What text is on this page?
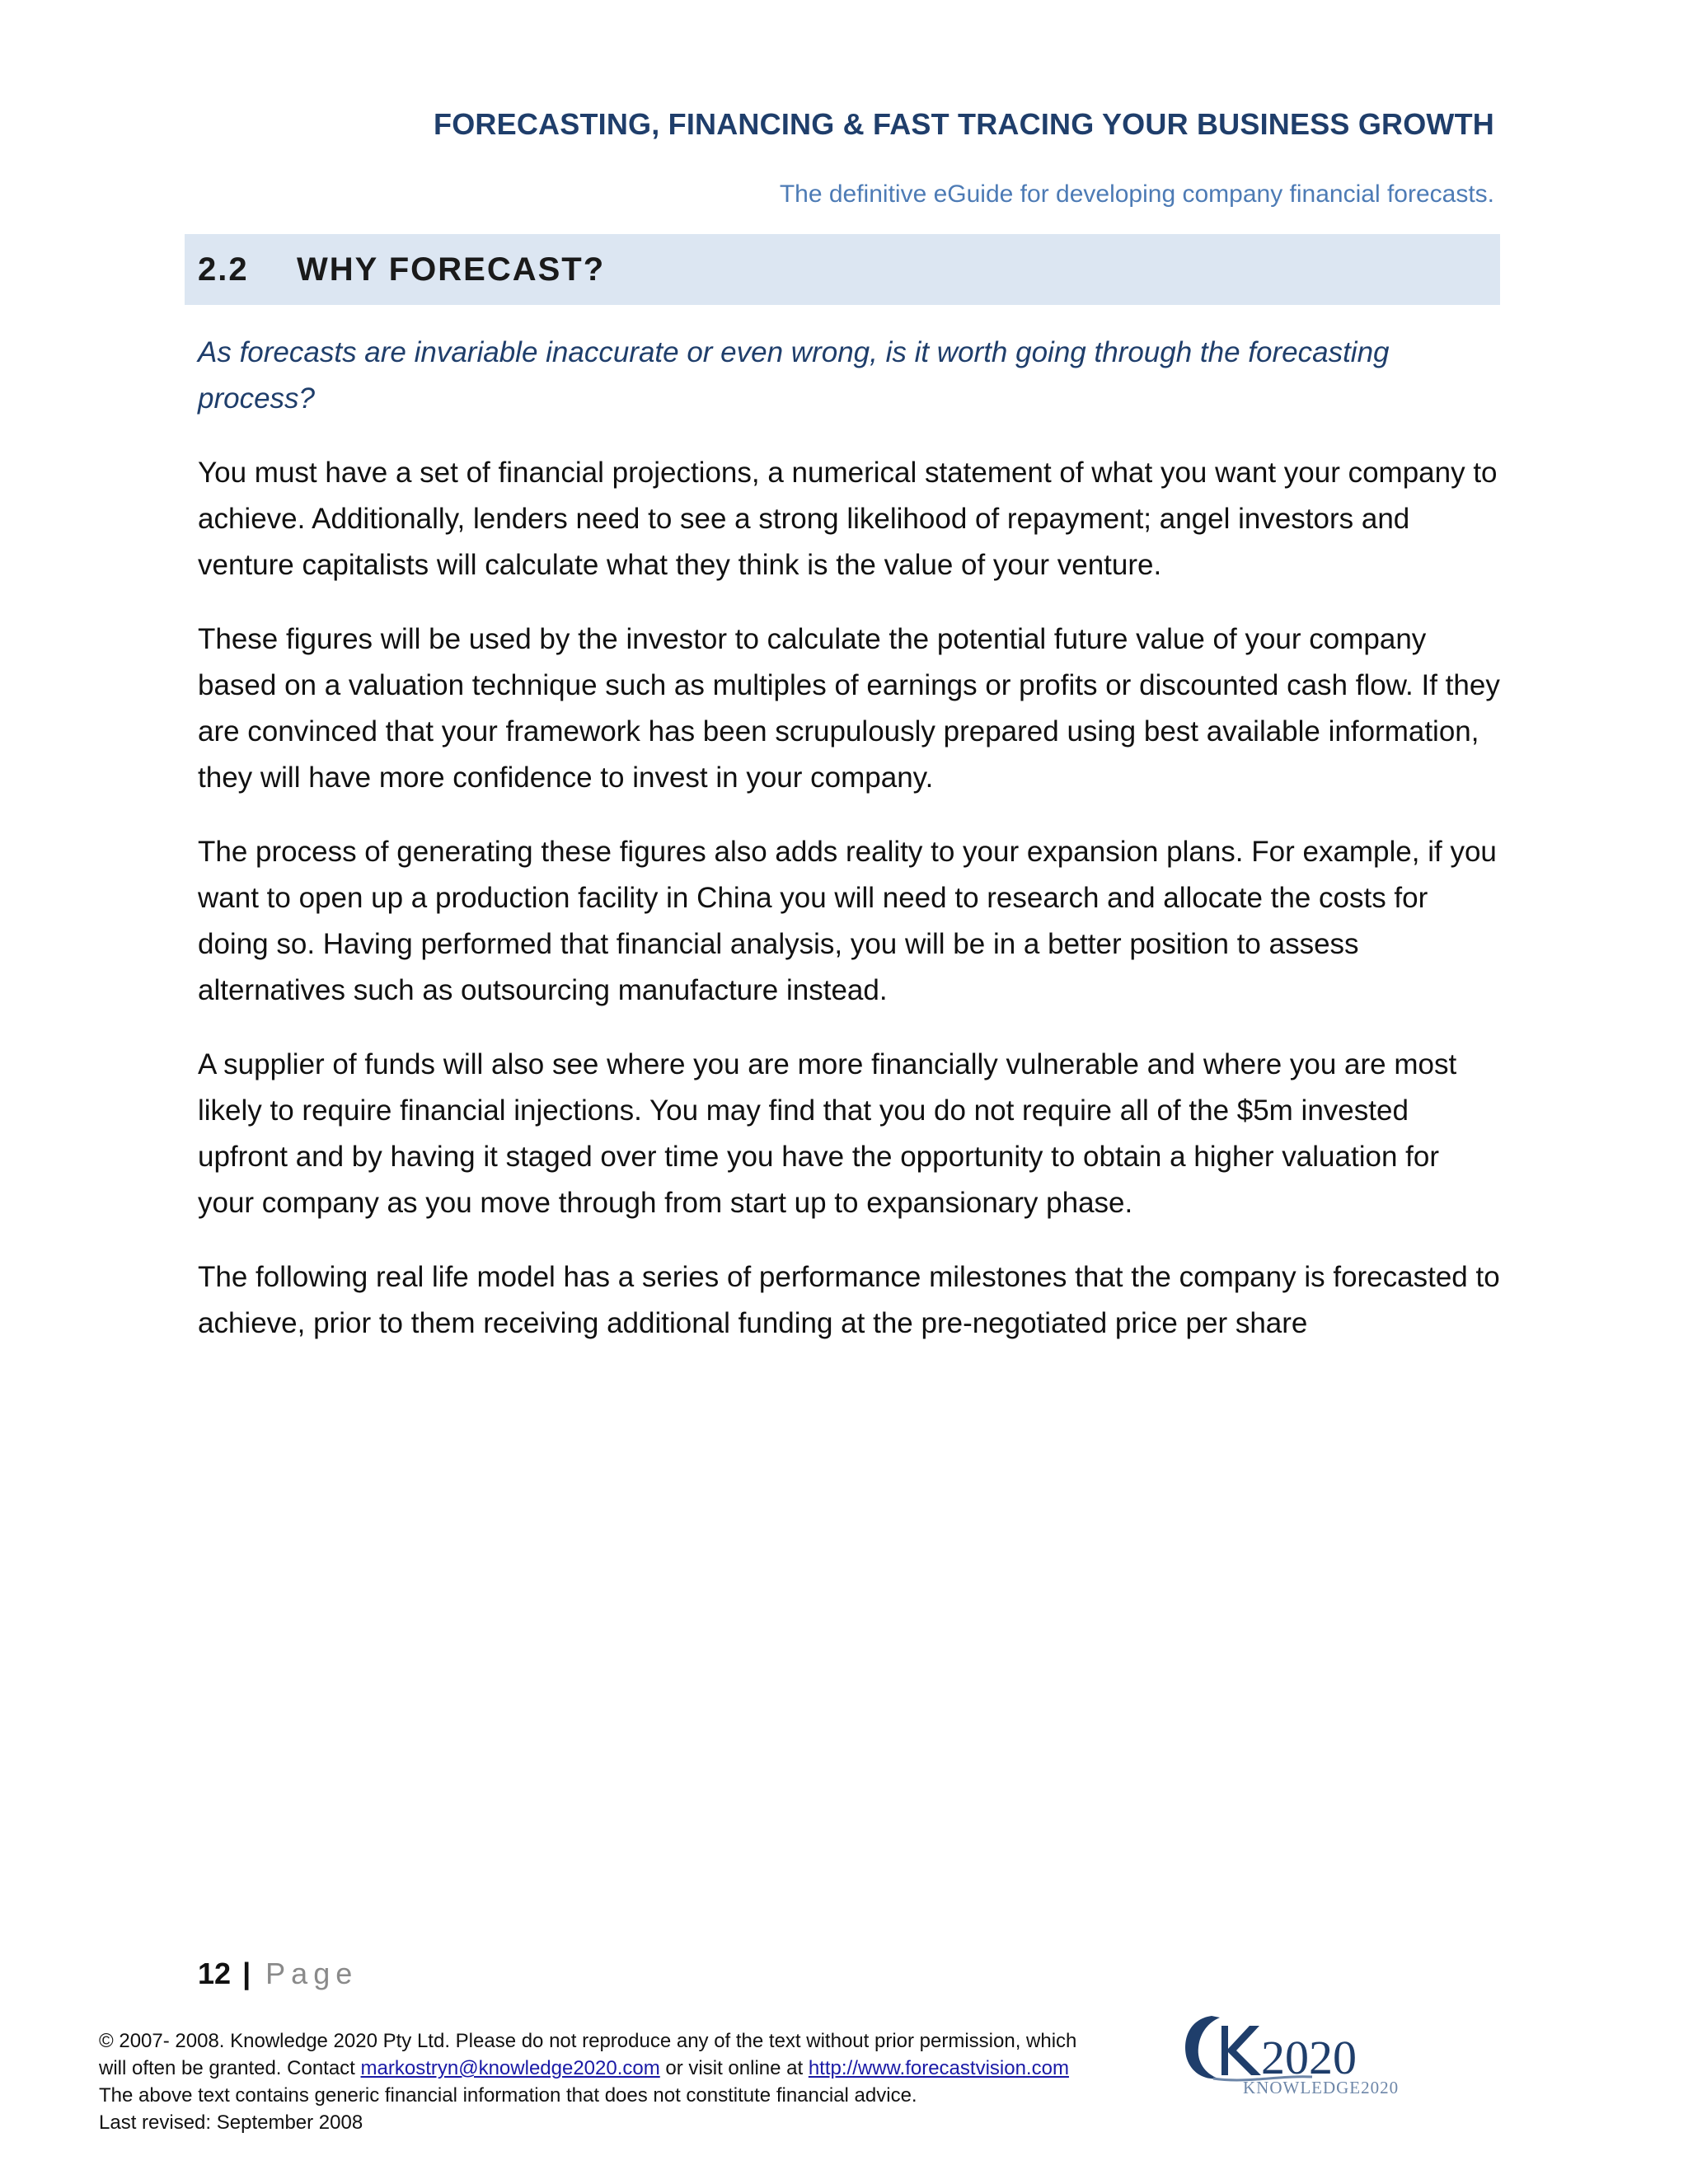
FORECASTING, FINANCING & FAST TRACING YOUR BUSINESS GROWTH
The definitive eGuide for developing company financial forecasts.
2.2	WHY FORECAST?

As forecasts are invariable inaccurate or even wrong, is it worth going through the forecasting process?

You must have a set of financial projections, a numerical statement of what you want your company to achieve. Additionally, lenders need to see a strong likelihood of repayment; angel investors and venture capitalists will calculate what they think is the value of your venture.

These figures will be used by the investor to calculate the potential future value of your company based on a valuation technique such as multiples of earnings or profits or discounted cash flow. If they are convinced that your framework has been scrupulously prepared using best available information, they will have more confidence to invest in your company.

The process of generating these figures also adds reality to your expansion plans. For example, if you want to open up a production facility in China you will need to research and allocate the costs for doing so. Having performed that financial analysis, you will be in a better position to assess alternatives such as outsourcing manufacture instead.

A supplier of funds will also see where you are more financially vulnerable and where you are most likely to require financial injections. You may find that you do not require all of the $5m invested upfront and by having it staged over time you have the opportunity to obtain a higher valuation for your company as you move through from start up to expansionary phase.

The following real life model has a series of performance milestones that the company is forecasted to achieve, prior to them receiving additional funding at the pre-negotiated price per share

12 | Page
© 2007- 2008. Knowledge 2020 Pty Ltd. Please do not reproduce any of the text without prior permission, which
will often be granted. Contact markostryn@knowledge2020.com or visit online at http://www.forecastvision.com
The above text contains generic financial information that does not constitute financial advice.
Last revised: September 2008
2020
KNOWLEDGE2020
